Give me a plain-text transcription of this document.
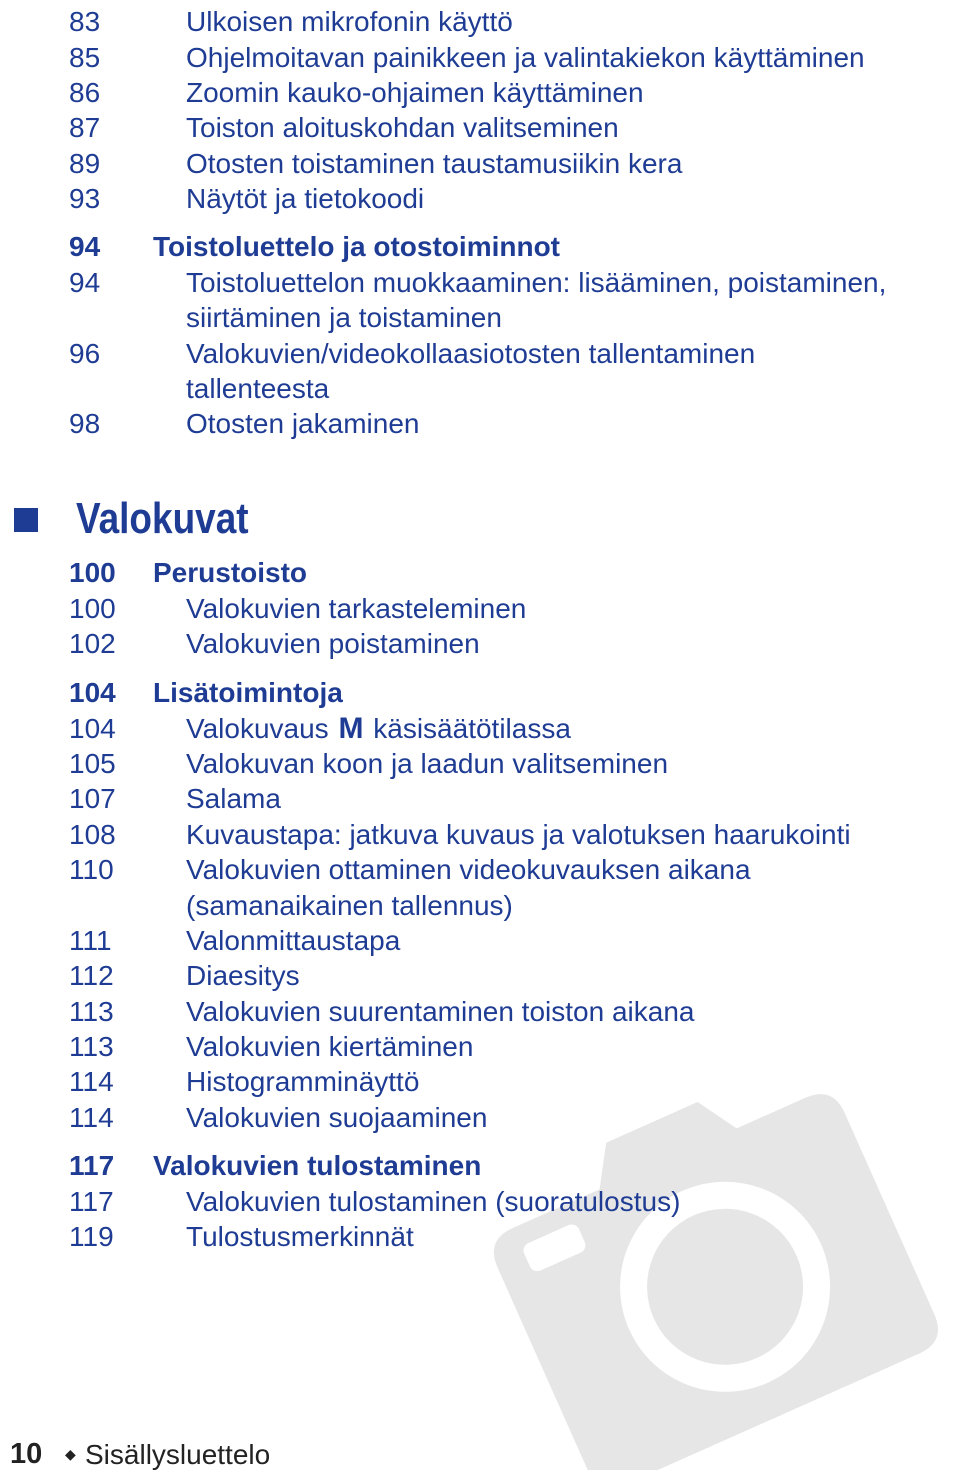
83	Ulkoisen mikrofonin käyttö
85	Ohjelmoitavan painikkeen ja valintakiekon käyttäminen
86	Zoomin kauko-ohjaimen käyttäminen
87	Toiston aloituskohdan valitseminen
89	Otosten toistaminen taustamusiikin kera
93	Näytöt ja tietokoodi
94 Toistoluettelo ja otostoiminnot
94	Toistoluettelon muokkaaminen: lisääminen, poistaminen,
siirtäminen ja toistaminen
96	Valokuvien/videokollaasiotosten tallentaminen
tallenteesta
98	Otosten jakaminen
Valokuvat
100 Perustoisto
100	Valokuvien tarkasteleminen
102	Valokuvien poistaminen
104 Lisätoimintoja
104	Valokuvaus M käsisäätötilassa
105	Valokuvan koon ja laadun valitseminen
107	Salama
108	Kuvaustapa: jatkuva kuvaus ja valotuksen haarukointi
110	Valokuvien ottaminen videokuvauksen aikana
(samanaikainen tallennus)
111	Valonmittaustapa
112	Diaesitys
113	Valokuvien suurentaminen toiston aikana
113	Valokuvien kiertäminen
114	Histogramminäyttö
114	Valokuvien suojaaminen
117 Valokuvien tulostaminen
117	Valokuvien tulostaminen (suoratulostus)
119	Tulostusmerkinnät
10 ◆ Sisällysluettelo
